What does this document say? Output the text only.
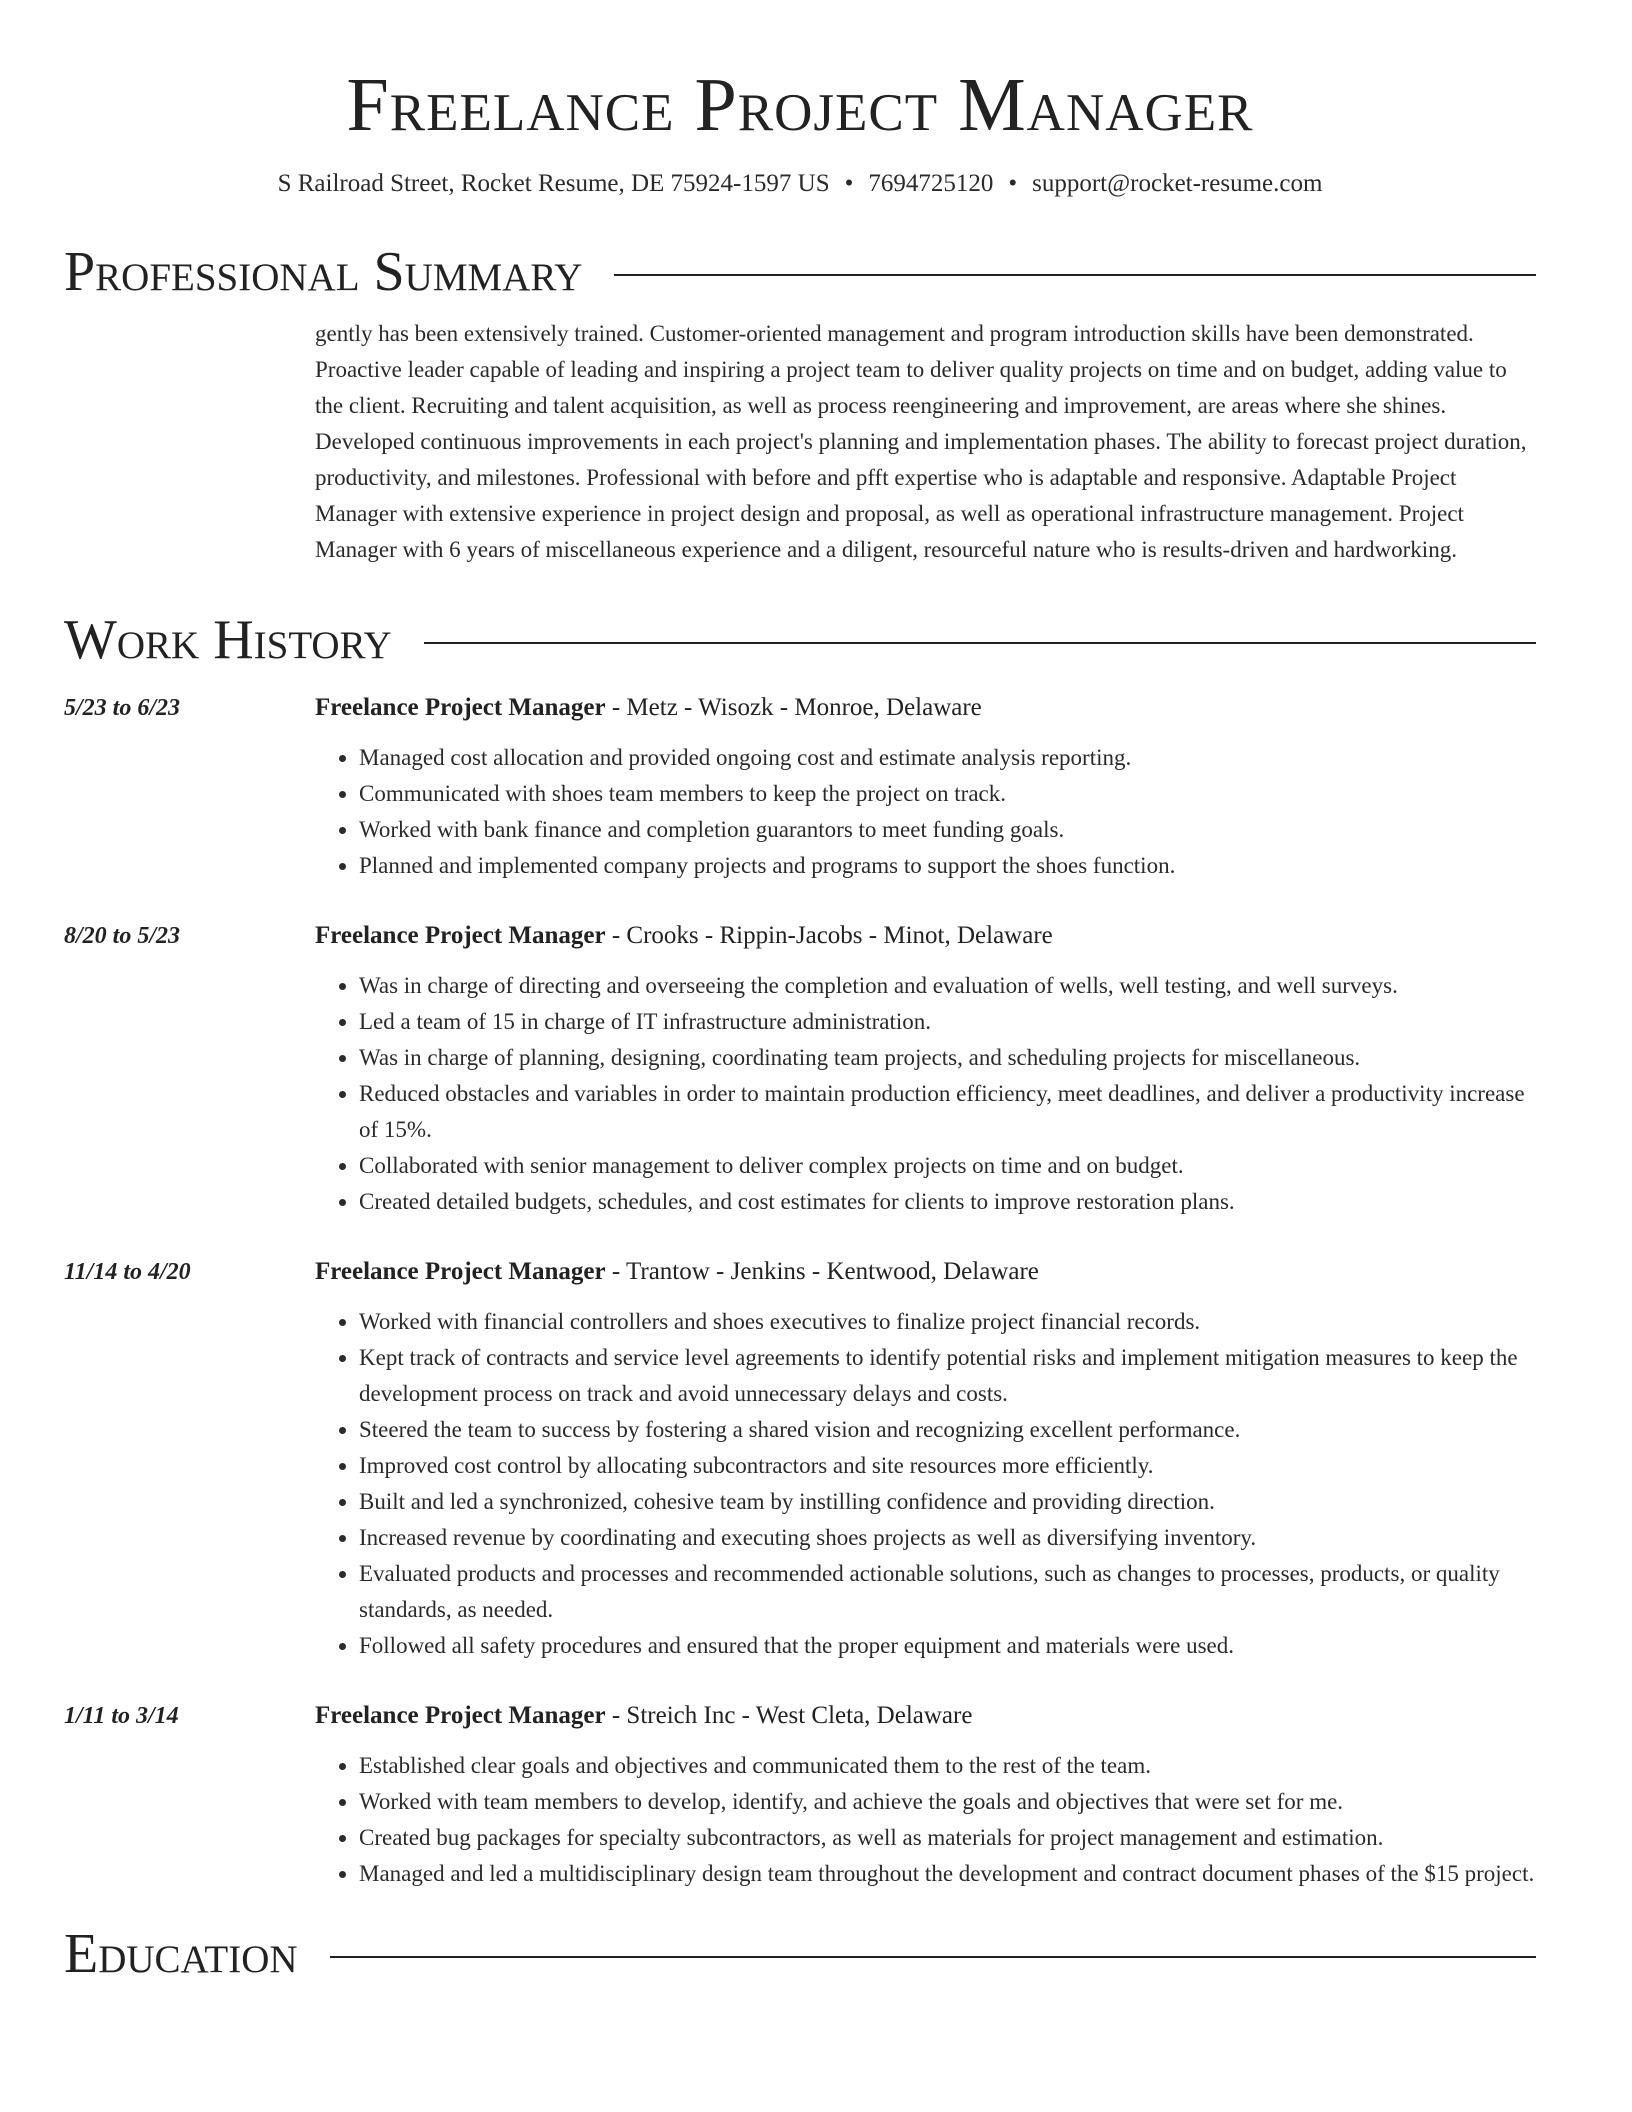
Freelance Project Manager
S Railroad Street, Rocket Resume, DE 75924-1597 US • 7694725120 • support@rocket-resume.com
Professional Summary
gently has been extensively trained. Customer-oriented management and program introduction skills have been demonstrated. Proactive leader capable of leading and inspiring a project team to deliver quality projects on time and on budget, adding value to the client. Recruiting and talent acquisition, as well as process reengineering and improvement, are areas where she shines. Developed continuous improvements in each project's planning and implementation phases. The ability to forecast project duration, productivity, and milestones. Professional with before and pfft expertise who is adaptable and responsive. Adaptable Project Manager with extensive experience in project design and proposal, as well as operational infrastructure management. Project Manager with 6 years of miscellaneous experience and a diligent, resourceful nature who is results-driven and hardworking.
Work History
5/23 to 6/23	Freelance Project Manager - Metz - Wisozk - Monroe, Delaware
• Managed cost allocation and provided ongoing cost and estimate analysis reporting.
• Communicated with shoes team members to keep the project on track.
• Worked with bank finance and completion guarantors to meet funding goals.
• Planned and implemented company projects and programs to support the shoes function.
8/20 to 5/23	Freelance Project Manager - Crooks - Rippin-Jacobs - Minot, Delaware
• Was in charge of directing and overseeing the completion and evaluation of wells, well testing, and well surveys.
• Led a team of 15 in charge of IT infrastructure administration.
• Was in charge of planning, designing, coordinating team projects, and scheduling projects for miscellaneous.
• Reduced obstacles and variables in order to maintain production efficiency, meet deadlines, and deliver a productivity increase of 15%.
• Collaborated with senior management to deliver complex projects on time and on budget.
• Created detailed budgets, schedules, and cost estimates for clients to improve restoration plans.
11/14 to 4/20	Freelance Project Manager - Trantow - Jenkins - Kentwood, Delaware
• Worked with financial controllers and shoes executives to finalize project financial records.
• Kept track of contracts and service level agreements to identify potential risks and implement mitigation measures to keep the development process on track and avoid unnecessary delays and costs.
• Steered the team to success by fostering a shared vision and recognizing excellent performance.
• Improved cost control by allocating subcontractors and site resources more efficiently.
• Built and led a synchronized, cohesive team by instilling confidence and providing direction.
• Increased revenue by coordinating and executing shoes projects as well as diversifying inventory.
• Evaluated products and processes and recommended actionable solutions, such as changes to processes, products, or quality standards, as needed.
• Followed all safety procedures and ensured that the proper equipment and materials were used.
1/11 to 3/14	Freelance Project Manager - Streich Inc - West Cleta, Delaware
• Established clear goals and objectives and communicated them to the rest of the team.
• Worked with team members to develop, identify, and achieve the goals and objectives that were set for me.
• Created bug packages for specialty subcontractors, as well as materials for project management and estimation.
• Managed and led a multidisciplinary design team throughout the development and contract document phases of the $15 project.
Education
